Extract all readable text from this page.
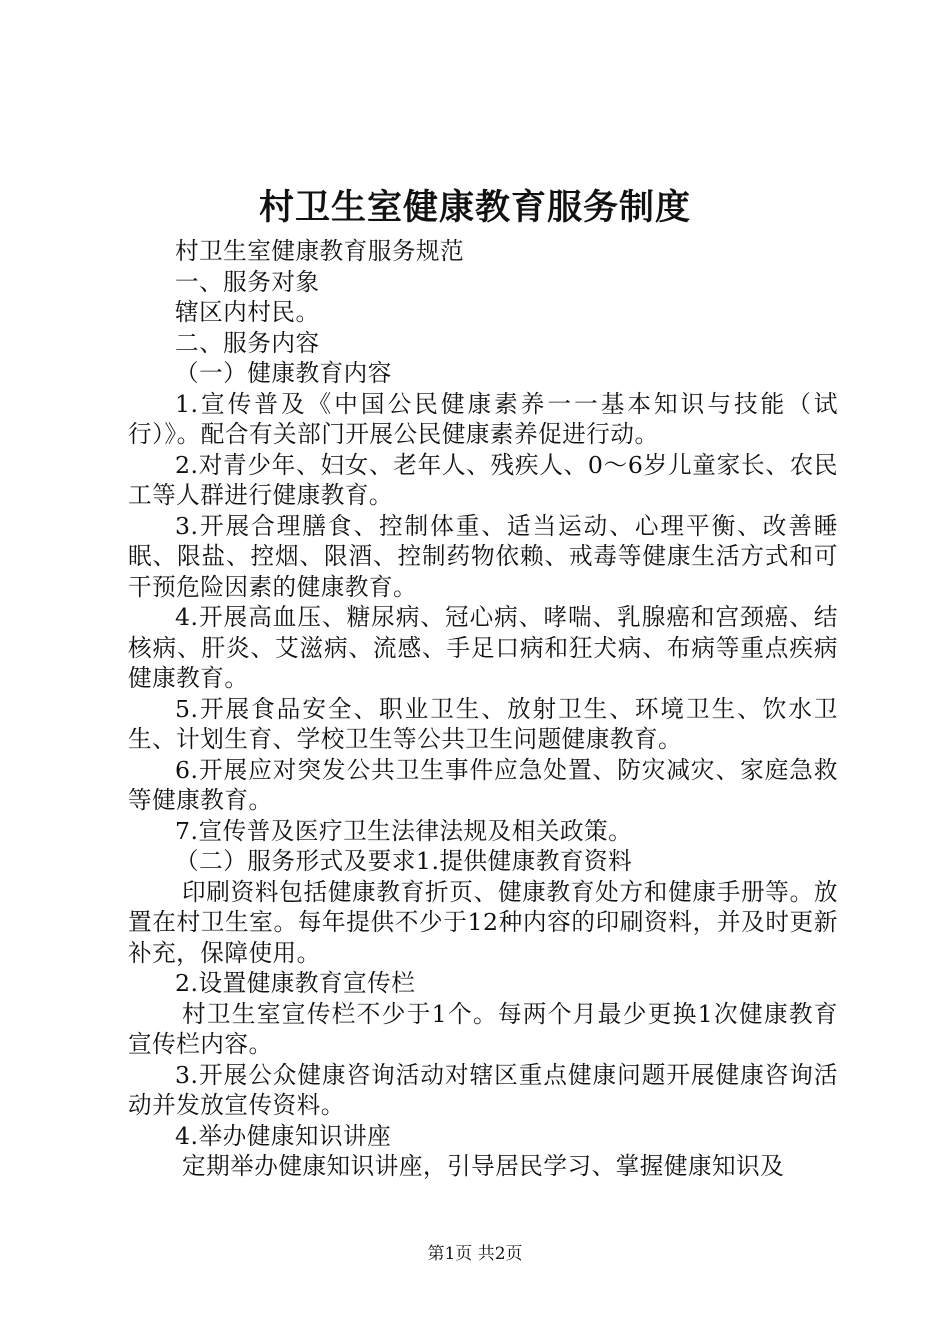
村卫生室健康教育服务制度

村卫生室健康教育服务规范

一、服务对象

辖区内村民。

二、服务内容

（一）健康教育内容

1.宣传普及《中国公民健康素养一一基本知识与技能（试行）》。配合有关部门开展公民健康素养促进行动。

2.对青少年、妇女、老年人、残疾人、0～6岁儿童家长、农民工等人群进行健康教育。

3.开展合理膳食、控制体重、适当运动、心理平衡、改善睡眠、限盐、控烟、限酒、控制药物依赖、戒毒等健康生活方式和可干预危险因素的健康教育。

4.开展高血压、糖尿病、冠心病、哮喘、乳腺癌和宫颈癌、结核病、肝炎、艾滋病、流感、手足口病和狂犬病、布病等重点疾病健康教育。

5.开展食品安全、职业卫生、放射卫生、环境卫生、饮水卫生、计划生育、学校卫生等公共卫生问题健康教育。

6.开展应对突发公共卫生事件应急处置、防灾减灾、家庭急救等健康教育。

7.宣传普及医疗卫生法律法规及相关政策。

（二）服务形式及要求1.提供健康教育资料

印刷资料包括健康教育折页、健康教育处方和健康手册等。放置在村卫生室。每年提供不少于12种内容的印刷资料，并及时更新补充，保障使用。

2.设置健康教育宣传栏

村卫生室宣传栏不少于1个。每两个月最少更换1次健康教育宣传栏内容。

3.开展公众健康咨询活动对辖区重点健康问题开展健康咨询活动并发放宣传资料。

4.举办健康知识讲座

定期举办健康知识讲座，引导居民学习、掌握健康知识及

第1页 共2页
